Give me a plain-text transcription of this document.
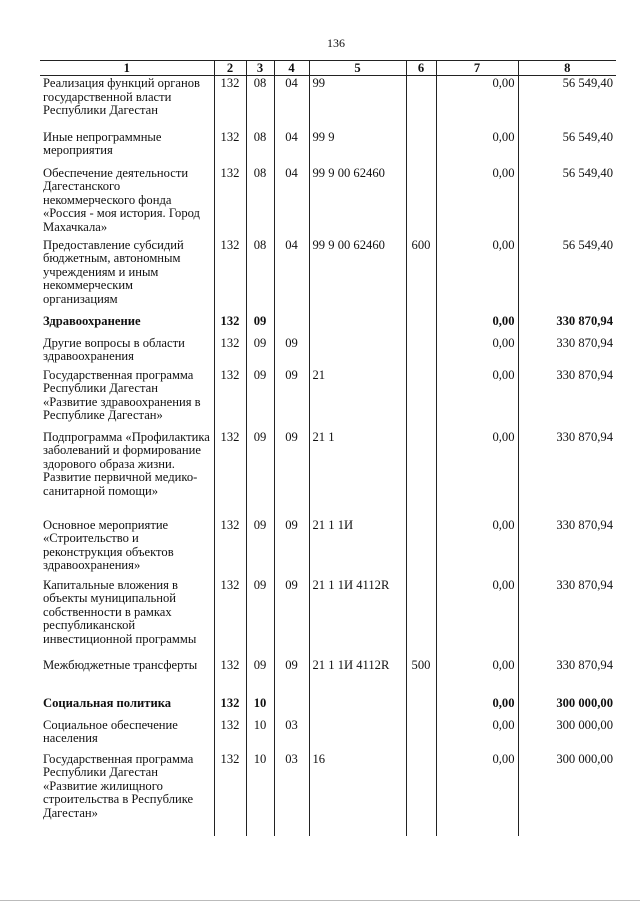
136
1	2	3	4	5	6	7	8
Реализация функций органов государственной власти Республики Дагестан	132	08	04	99		0,00	56 549,40
Иные непрограммные мероприятия	132	08	04	99 9		0,00	56 549,40
Обеспечение деятельности Дагестанского некоммерческого фонда «Россия - моя история. Город Махачкала»	132	08	04	99 9 00 62460		0,00	56 549,40
Предоставление субсидий бюджетным, автономным учреждениям и иным некоммерческим организациям	132	08	04	99 9 00 62460	600	0,00	56 549,40
Здравоохранение	132	09				0,00	330 870,94
Другие вопросы в области здравоохранения	132	09	09			0,00	330 870,94
Государственная программа Республики Дагестан «Развитие здравоохранения в Республике Дагестан»	132	09	09	21		0,00	330 870,94
Подпрограмма «Профилактика заболеваний и формирование здорового образа жизни. Развитие первичной медико-санитарной помощи»	132	09	09	21 1		0,00	330 870,94
Основное мероприятие «Строительство и реконструкция объектов здравоохранения»	132	09	09	21 1 1И		0,00	330 870,94
Капитальные вложения в объекты муниципальной собственности в рамках республиканской инвестиционной программы	132	09	09	21 1 1И 4112R		0,00	330 870,94
Межбюджетные трансферты	132	09	09	21 1 1И 4112R	500	0,00	330 870,94
Социальная политика	132	10				0,00	300 000,00
Социальное обеспечение населения	132	10	03			0,00	300 000,00
Государственная программа Республики Дагестан «Развитие жилищного строительства в Республике Дагестан»	132	10	03	16		0,00	300 000,00
